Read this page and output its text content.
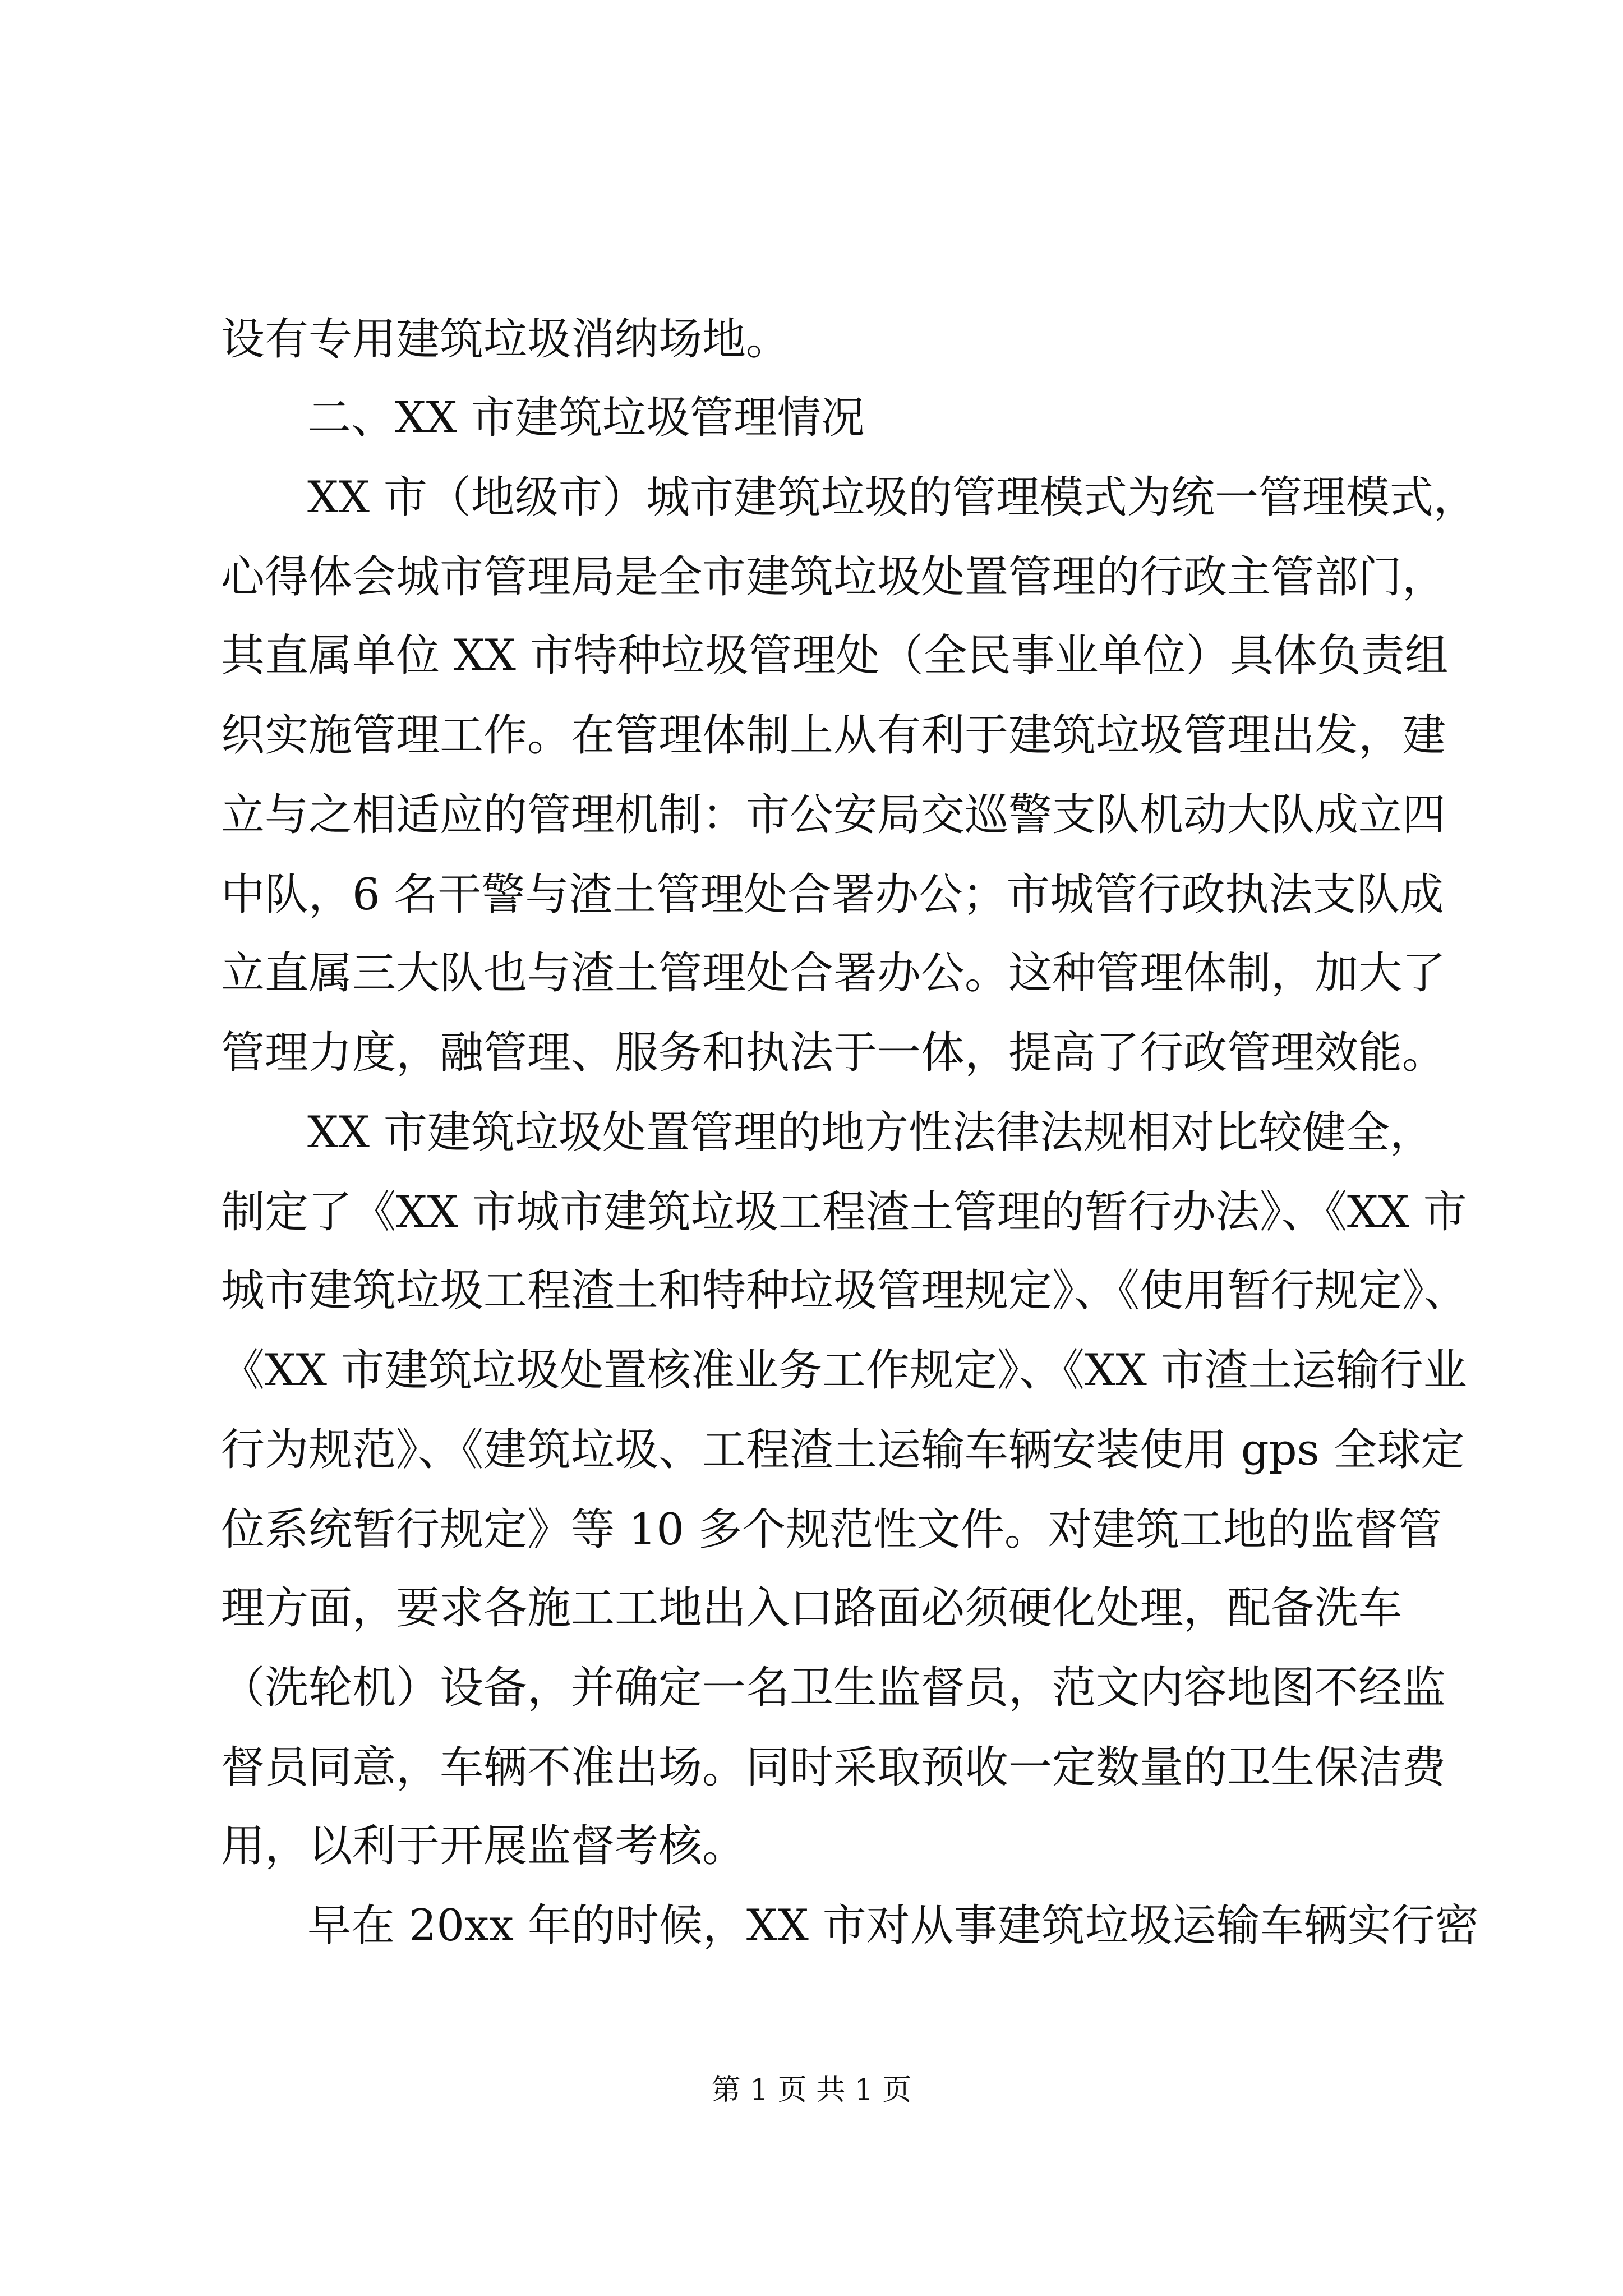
设有专用建筑垃圾消纳场地。
二、XX 市建筑垃圾管理情况
XX 市（地级市）城市建筑垃圾的管理模式为统一管理模式，
心得体会城市管理局是全市建筑垃圾处置管理的行政主管部门，
其直属单位 XX 市特种垃圾管理处（全民事业单位）具体负责组
织实施管理工作。在管理体制上从有利于建筑垃圾管理出发，建
立与之相适应的管理机制：市公安局交巡警支队机动大队成立四
中队，6 名干警与渣土管理处合署办公；市城管行政执法支队成
立直属三大队也与渣土管理处合署办公。这种管理体制，加大了
管理力度，融管理、服务和执法于一体，提高了行政管理效能。
XX 市建筑垃圾处置管理的地方性法律法规相对比较健全，
制定了《XX 市城市建筑垃圾工程渣土管理的暂行办法》、《XX 市
城市建筑垃圾工程渣土和特种垃圾管理规定》、《使用暂行规定》、
《XX 市建筑垃圾处置核准业务工作规定》、《XX 市渣土运输行业
行为规范》、《建筑垃圾、工程渣土运输车辆安装使用 gps 全球定
位系统暂行规定》等 10 多个规范性文件。对建筑工地的监督管
理方面，要求各施工工地出入口路面必须硬化处理，配备洗车
（洗轮机）设备，并确定一名卫生监督员，范文内容地图不经监
督员同意，车辆不准出场。同时采取预收一定数量的卫生保洁费
用，以利于开展监督考核。
早在 20xx 年的时候，XX 市对从事建筑垃圾运输车辆实行密
第 1 页 共 1 页
